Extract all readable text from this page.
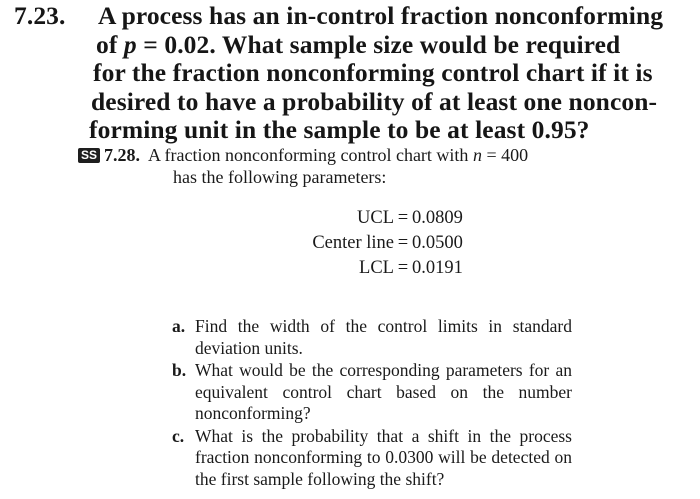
7.23.	A process has an in-control fraction nonconforming
of p = 0.02. What sample size would be required
for the fraction nonconforming control chart if it is
desired to have a probability of at least one noncon-
forming unit in the sample to be at least 0.95?
SS 7.28. A fraction nonconforming control chart with n = 400
has the following parameters:
UCL = 0.0809
Center line = 0.0500
LCL = 0.0191
a. Find the width of the control limits in standard deviation units.
b. What would be the corresponding parameters for an equivalent control chart based on the number nonconforming?
c. What is the probability that a shift in the process fraction nonconforming to 0.0300 will be detected on the first sample following the shift?
